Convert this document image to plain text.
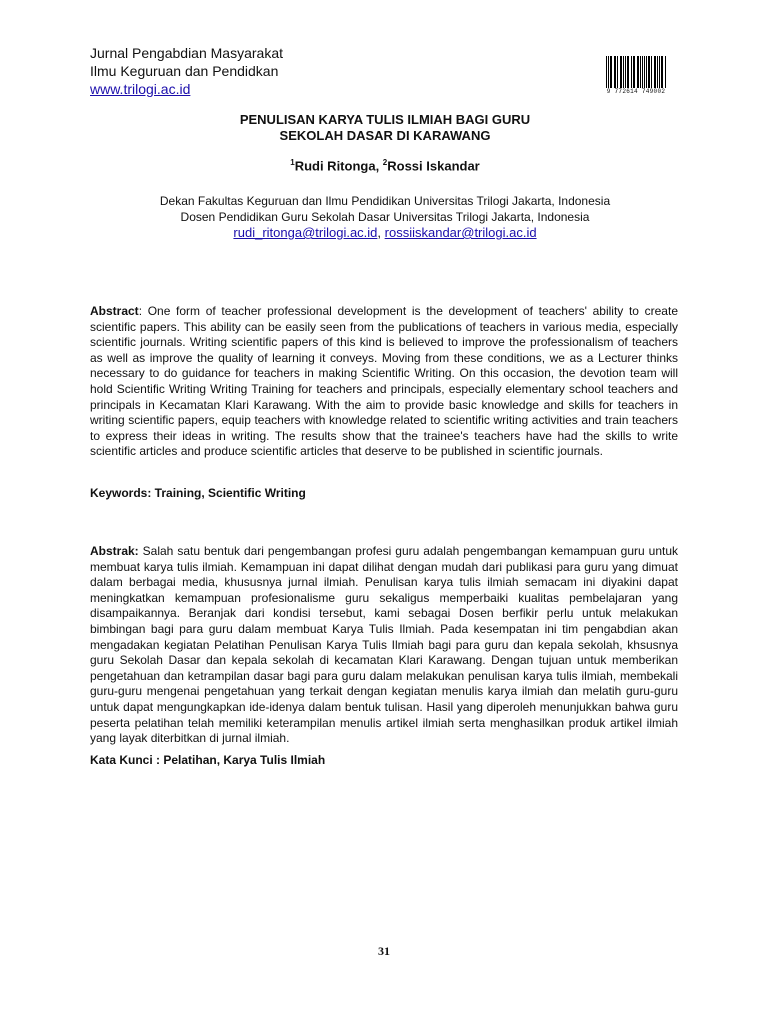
Jurnal Pengabdian Masyarakat
Ilmu Keguruan dan Pendidkan
www.trilogi.ac.id	9 772614 749002
PENULISAN KARYA TULIS ILMIAH BAGI GURU
SEKOLAH DASAR DI KARAWANG
$^1$Rudi Ritonga, $^2$Rossi Iskandar
Dekan Fakultas Keguruan dan Ilmu Pendidikan Universitas Trilogi Jakarta, Indonesia
Dosen Pendidikan Guru Sekolah Dasar Universitas Trilogi Jakarta, Indonesia
rudi_ritonga@trilogi.ac.id, rossiiskandar@trilogi.ac.id
Abstract: One form of teacher professional development is the development of teachers' ability to create scientific papers. This ability can be easily seen from the publications of teachers in various media, especially scientific journals. Writing scientific papers of this kind is believed to improve the professionalism of teachers as well as improve the quality of learning it conveys. Moving from these conditions, we as a Lecturer thinks necessary to do guidance for teachers in making Scientific Writing. On this occasion, the devotion team will hold Scientific Writing Writing Training for teachers and principals, especially elementary school teachers and principals in Kecamatan Klari Karawang. With the aim to provide basic knowledge and skills for teachers in writing scientific papers, equip teachers with knowledge related to scientific writing activities and train teachers to express their ideas in writing. The results show that the trainee's teachers have had the skills to write scientific articles and produce scientific articles that deserve to be published in scientific journals.
Keywords: Training, Scientific Writing
Abstrak: Salah satu bentuk dari pengembangan profesi guru adalah pengembangan kemampuan guru untuk membuat karya tulis ilmiah. Kemampuan ini dapat dilihat dengan mudah dari publikasi para guru yang dimuat dalam berbagai media, khususnya jurnal ilmiah. Penulisan karya tulis ilmiah semacam ini diyakini dapat meningkatkan kemampuan profesionalisme guru sekaligus memperbaiki kualitas pembelajaran yang disampaikannya. Beranjak dari kondisi tersebut, kami sebagai Dosen berfikir perlu untuk melakukan bimbingan bagi para guru dalam membuat Karya Tulis Ilmiah. Pada kesempatan ini tim pengabdian akan mengadakan kegiatan Pelatihan Penulisan Karya Tulis Ilmiah bagi para guru dan kepala sekolah, khsusnya guru Sekolah Dasar dan kepala sekolah di kecamatan Klari Karawang. Dengan tujuan untuk memberikan pengetahuan dan ketrampilan dasar bagi para guru dalam melakukan penulisan karya tulis ilmiah, membekali guru-guru mengenai pengetahuan yang terkait dengan kegiatan menulis karya ilmiah dan melatih guru-guru untuk dapat mengungkapkan ide-idenya dalam bentuk tulisan. Hasil yang diperoleh menunjukkan bahwa guru peserta pelatihan telah memiliki keterampilan menulis artikel ilmiah serta menghasilkan produk artikel ilmiah yang layak diterbitkan di jurnal ilmiah.
Kata Kunci : Pelatihan, Karya Tulis Ilmiah
31
